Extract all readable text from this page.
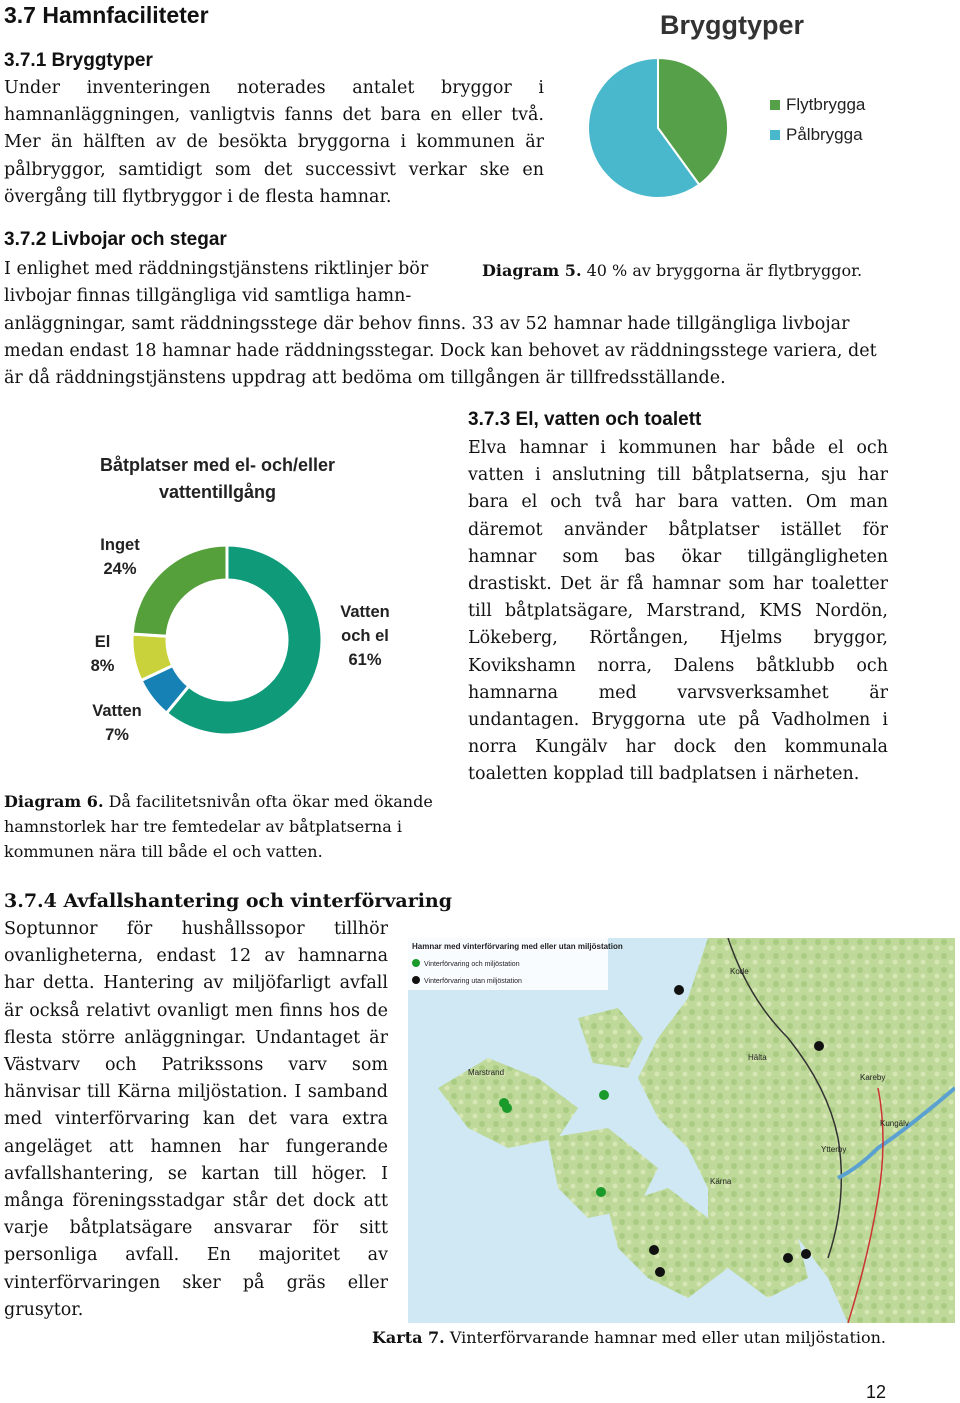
3.7 Hamnfaciliteter
3.7.1 Bryggtyper
Under inventeringen noterades antalet bryggor i
hamnanläggningen, vanligtvis fanns det bara en eller två.
Mer än hälften av de besökta bryggorna i kommunen är
pålbryggor, samtidigt som det successivt verkar ske en
övergång till flytbryggor i de flesta hamnar.
Bryggtyper
Flytbrygga
Pålbrygga
3.7.2 Livbojar och stegar
I enlighet med räddningstjänstens riktlinjer bör
livbojar finnas tillgängliga vid samtliga hamn-
Diagram 5. 40 % av bryggorna är flytbryggor.
anläggningar, samt räddningsstege där behov finns. 33 av 52 hamnar hade tillgängliga livbojar
medan endast 18 hamnar hade räddningsstegar. Dock kan behovet av räddningsstege variera, det
är då räddningstjänstens uppdrag att bedöma om tillgången är tillfredsställande.
Båtplatser med el- och/eller
vattentillgång
Inget
24%
El
8%
Vatten
7%
Vatten
och el
61%
Diagram 6. Då facilitetsnivån ofta ökar med ökande
hamnstorlek har tre femtedelar av båtplatserna i
kommunen nära till både el och vatten.
3.7.3 El, vatten och toalett
Elva hamnar i kommunen har både el och
vatten i anslutning till båtplatserna, sju har
bara el och två har bara vatten. Om man
däremot använder båtplatser istället för
hamnar som bas ökar tillgängligheten
drastiskt. Det är få hamnar som har toaletter
till båtplatsägare, Marstrand, KMS Nordön,
Lökeberg, Rörtången, Hjelms bryggor,
Kovikshamn norra, Dalens båtklubb och
hamnarna med varvsverksamhet är
undantagen. Bryggorna ute på Vadholmen i
norra Kungälv har dock den kommunala
toaletten kopplad till badplatsen i närheten.
3.7.4 Avfallshantering och vinterförvaring
Soptunnor för hushållssopor tillhör
ovanligheterna, endast 12 av hamnarna
har detta. Hantering av miljöfarligt avfall
är också relativt ovanligt men finns hos de
flesta större anläggningar. Undantaget är
Västvarv och Patrikssons varv som
hänvisar till Kärna miljöstation. I samband
med vinterförvaring kan det vara extra
angeläget att hamnen har fungerande
avfallshantering, se kartan till höger. I
många föreningsstadgar står det dock att
varje båtplatsägare ansvarar för sitt
personliga avfall. En majoritet av
vinterförvaringen sker på gräs eller
grusytor.
Hamnar med vinterförvaring med eller utan miljöstation
Vinterförvaring och miljöstation
Vinterförvaring utan miljöstation
Kode
Hälta
Marstrand
Kareby
Kungälv
Ytterby
Kärna
Karta 7. Vinterförvarande hamnar med eller utan miljöstation.
12
